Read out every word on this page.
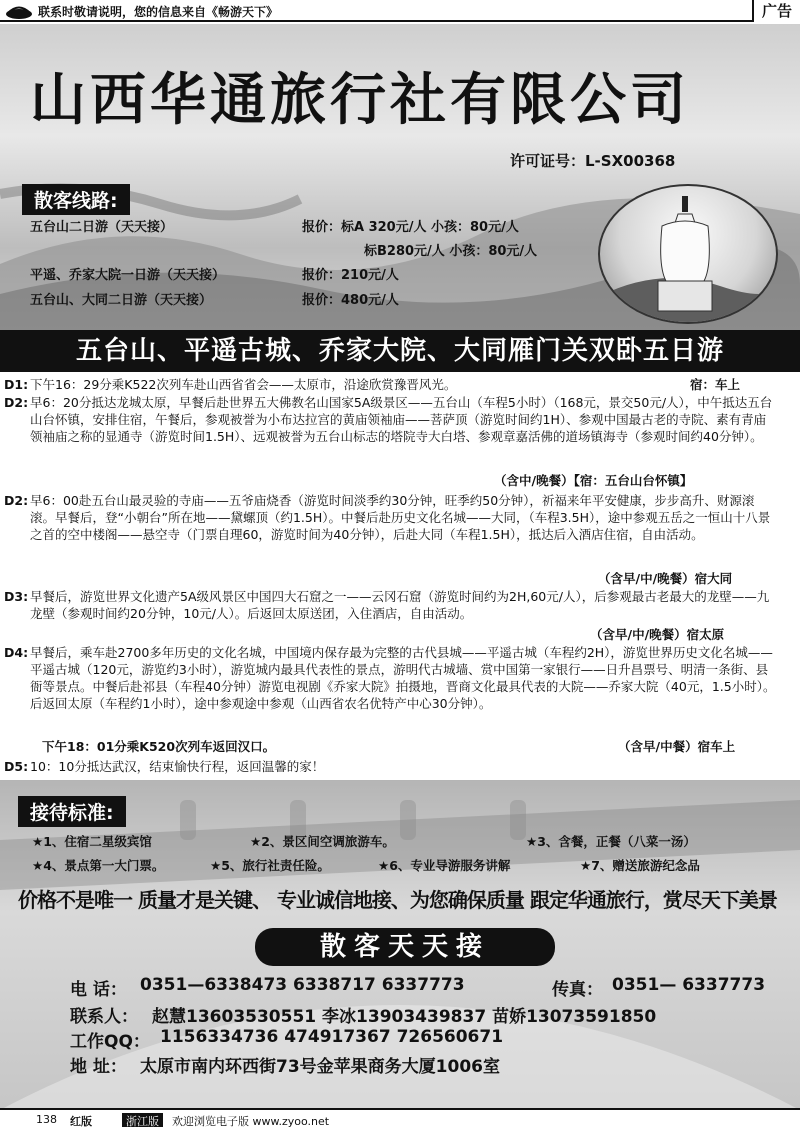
联系时敬请说明，您的信息来自《畅游天下》	广告
山西华通旅行社有限公司
许可证号：L-SX00368
散客线路:
五台山二日游（天天接）	报价：标A 320元/人 小孩：80元/人
标B280元/人 小孩：80元/人
平遥、乔家大院一日游（天天接）	报价：210元/人
五台山、大同二日游（天天接）	报价：480元/人
五台山、平遥古城、乔家大院、大同雁门关双卧五日游
D1: 下午16：29分乘K522次列车赴山西省省会——太原市，沿途欣赏豫晋风光。	宿：车上
D2: 早6：20分抵达龙城太原，早餐后赴世界五大佛教名山国家5A级景区——五台山（车程5小时）（168元，景交50元/人），中午抵达五台山台怀镇，安排住宿，午餐后，参观被誉为小布达拉宫的黄庙领袖庙——菩萨顶（游览时间约1H）、参观中国最古老的寺院、素有青庙领袖庙之称的显通寺（游览时间1.5H）、远观被誉为五台山标志的塔院寺大白塔、参观章嘉活佛的道场镇海寺（参观时间约40分钟）。
（含中/晚餐）【宿：五台山台怀镇】
D2: 早6：00赴五台山最灵验的寺庙——五爷庙烧香（游览时间淡季约30分钟，旺季约50分钟），祈福来年平安健康，步步高升、财源滚滚。早餐后，登“小朝台”所在地——黛螺顶（约1.5H）。中餐后赴历史文化名城——大同，（车程3.5H），途中参观五岳之一恒山十八景之首的空中楼阁——悬空寺（门票自理60，游览时间为40分钟），后赴大同（车程1.5H），抵达后入酒店住宿，自由活动。
（含早/中/晚餐）宿大同
D3: 早餐后，游览世界文化遗产5A级风景区中国四大石窟之一——云冈石窟（游览时间约为2H,60元/人），后参观最古老最大的龙壁——九龙壁（参观时间约20分钟，10元/人）。后返回太原送团，入住酒店，自由活动。
（含早/中/晚餐）宿太原
D4: 早餐后，乘车赴2700多年历史的文化名城，中国境内保存最为完整的古代县城——平遥古城（车程约2H），游览世界历史文化名城——平遥古城（120元，游览约3小时），游览城内最具代表性的景点，游明代古城墙、赏中国第一家银行——日升昌票号、明清一条街、县衙等景点。中餐后赴祁县（车程40分钟）游览电视剧《乔家大院》拍摄地，晋商文化最具代表的大院——乔家大院（40元，1.5小时）。后返回太原（车程约1小时），途中参观途中参观（山西省农名优特产中心30分钟）。
下午18：01分乘K520次列车返回汉口。	（含早/中餐）宿车上
D5: 10：10分抵达武汉，结束愉快行程，返回温馨的家！
接待标准:
★1、住宿二星级宾馆	★2、景区间空调旅游车。	★3、含餐，正餐（八菜一汤）
★4、景点第一大门票。	★5、旅行社责任险。	★6、专业导游服务讲解	★7、赠送旅游纪念品
价格不是唯一 质量才是关键、 专业诚信地接、为您确保质量 跟定华通旅行，赏尽天下美景
散客天天接
电 话： 0351—6338473 6338717 6337773	传真： 0351— 6337773
联系人： 赵慧13603530551 李冰13903439837 苗娇13073591850
工作QQ： 1156334736 474917367 726560671
地 址： 太原市南内环西街73号金苹果商务大厦1006室
138 红版	浙江版	欢迎浏览电子版 www.zyoo.net
